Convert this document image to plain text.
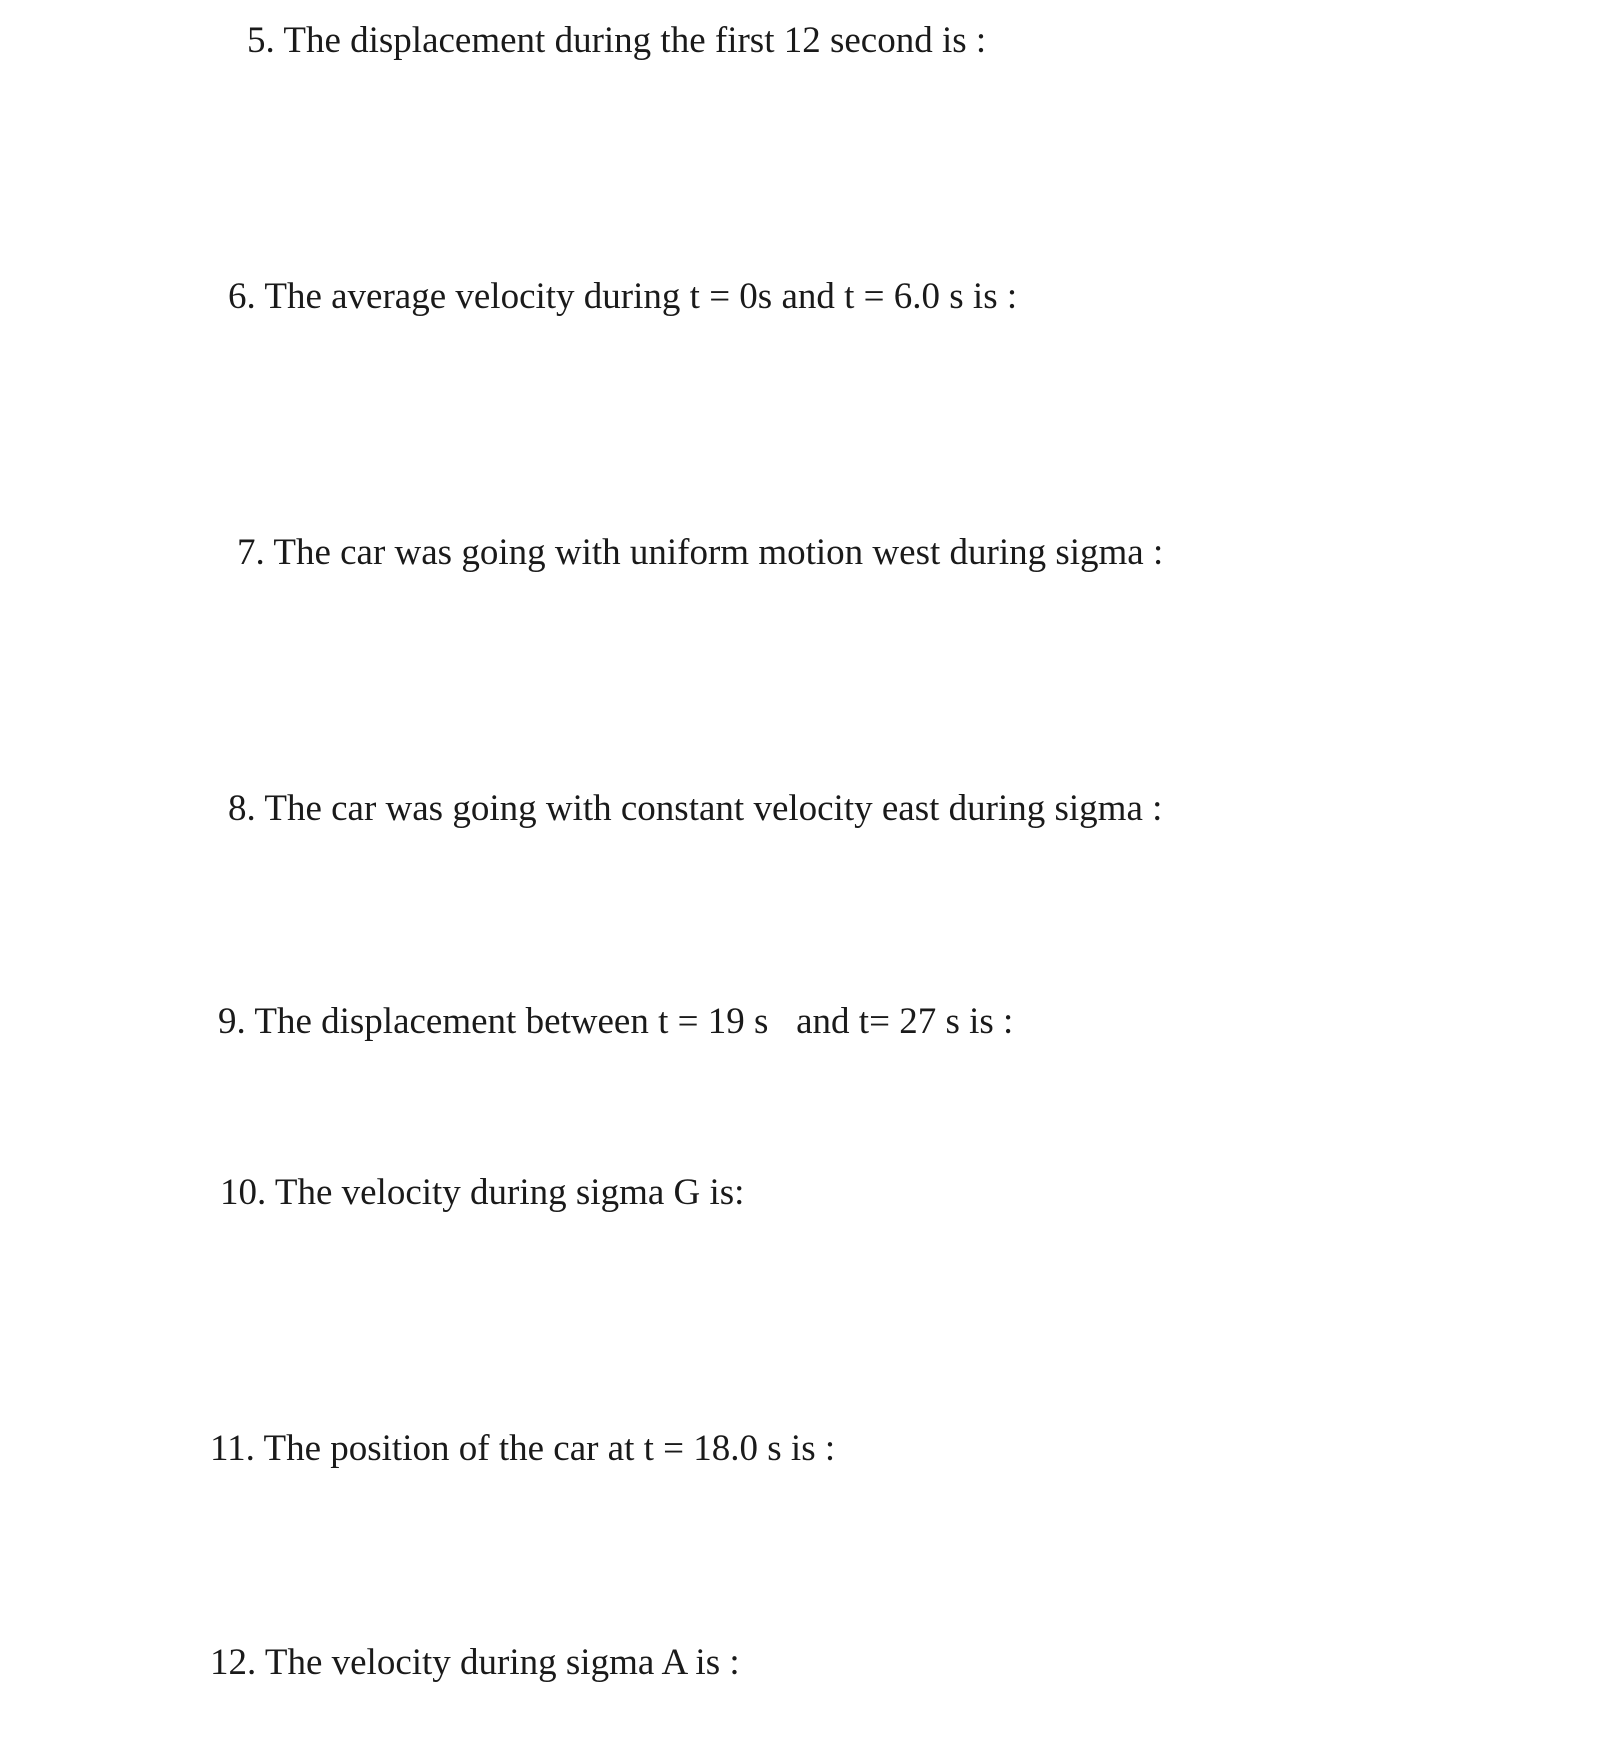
5. The displacement during the first 12 second is :

6. The average velocity during t = 0s and t = 6.0 s is :

7. The car was going with uniform motion west during sigma :

8. The car was going with constant velocity east during sigma :

9. The displacement between t = 19 s   and t= 27 s is :

10. The velocity during sigma G is:

11. The position of the car at t = 18.0 s is :

12. The velocity during sigma A is :
